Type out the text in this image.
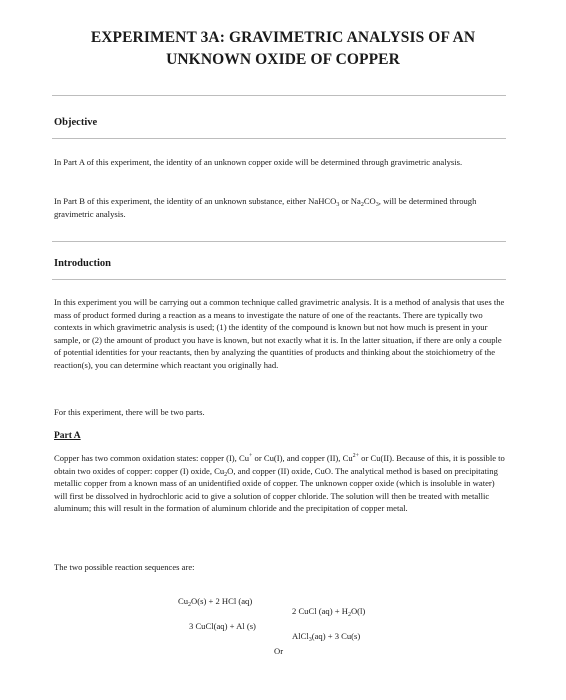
EXPERIMENT 3A: GRAVIMETRIC ANALYSIS OF AN
UNKNOWN OXIDE OF COPPER
Objective

In Part A of this experiment, the identity of an unknown copper oxide will be determined through gravimetric analysis.

In Part B of this experiment, the identity of an unknown substance, either NaHCO$_3$ or $Na_2CO_3$, will be determined through gravimetric analysis.

Introduction

In this experiment you will be carrying out a common technique called gravimetric analysis. It is a method of analysis that uses the mass of product formed during a reaction as a means to investigate the nature of one of the reactants. There are typically two contexts in which gravimetric analysis is used; (1) the identity of the compound is known but not how much is present in your sample, or (2) the amount of product you have is known, but not exactly what it is. In the latter situation, if there are only a couple of potential identities for your reactants, then by analyzing the quantities of products and thinking about the stoichiometry of the reaction(s), you can determine which reactant you originally had.

For this experiment, there will be two parts.

Part A

Copper has two common oxidation states: copper (I), Cu+ or Cu(I), and copper (II), $Cu^{2+}$ or Cu(II). Because of this, it is possible to obtain two oxides of copper: copper (I) oxide, $Cu_2O$, and copper (II) oxide, CuO. The analytical method is based on precipitating metallic copper from a known mass of an unidentified oxide of copper. The unknown copper oxide (which is insoluble in water) will first be dissolved in hydrochloric acid to give a solution of copper chloride. The solution will then be treated with metallic aluminum; this will result in the formation of aluminum chloride and the precipitation of copper metal.

The two possible reaction sequences are:

$Cu_2O(s) + 2$ HCl (aq)

2 CuCl $(aq) + H_2O(l)$

3 CuCl(aq) + Al (s)

AlCl$_3$(aq) + 3 Cu(s)

Or
